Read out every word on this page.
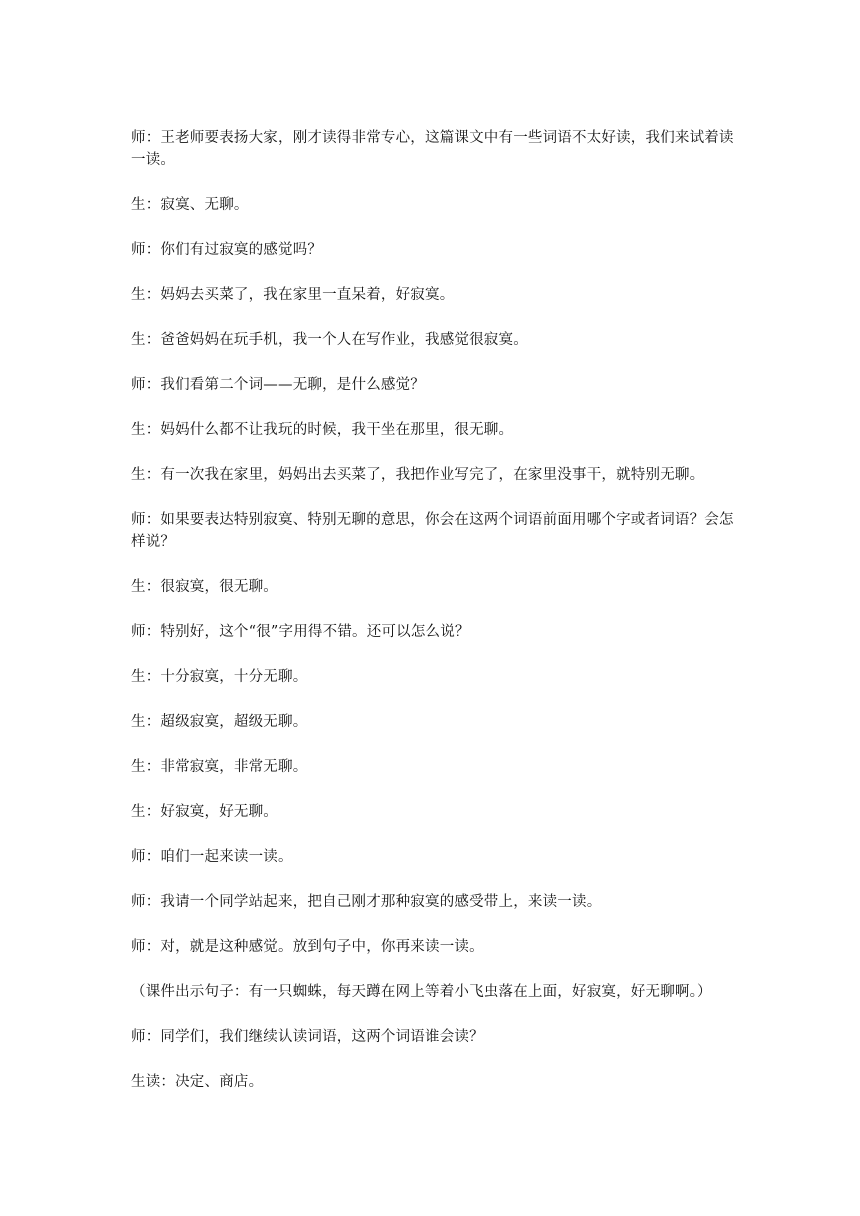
师：王老师要表扬大家，刚才读得非常专心，这篇课文中有一些词语不太好读，我们来试着读一读。

生：寂寞、无聊。

师：你们有过寂寞的感觉吗？

生：妈妈去买菜了，我在家里一直呆着，好寂寞。

生：爸爸妈妈在玩手机，我一个人在写作业，我感觉很寂寞。

师：我们看第二个词——无聊，是什么感觉？

生：妈妈什么都不让我玩的时候，我干坐在那里，很无聊。

生：有一次我在家里，妈妈出去买菜了，我把作业写完了，在家里没事干，就特别无聊。

师：如果要表达特别寂寞、特别无聊的意思，你会在这两个词语前面用哪个字或者词语？会怎样说？

生：很寂寞，很无聊。

师：特别好，这个“很”字用得不错。还可以怎么说？

生：十分寂寞，十分无聊。

生：超级寂寞，超级无聊。

生：非常寂寞，非常无聊。

生：好寂寞，好无聊。

师：咱们一起来读一读。

师：我请一个同学站起来，把自己刚才那种寂寞的感受带上，来读一读。

师：对，就是这种感觉。放到句子中，你再来读一读。

（课件出示句子：有一只蜘蛛，每天蹲在网上等着小飞虫落在上面，好寂寞，好无聊啊。）

师：同学们，我们继续认读词语，这两个词语谁会读？

生读：决定、商店。
